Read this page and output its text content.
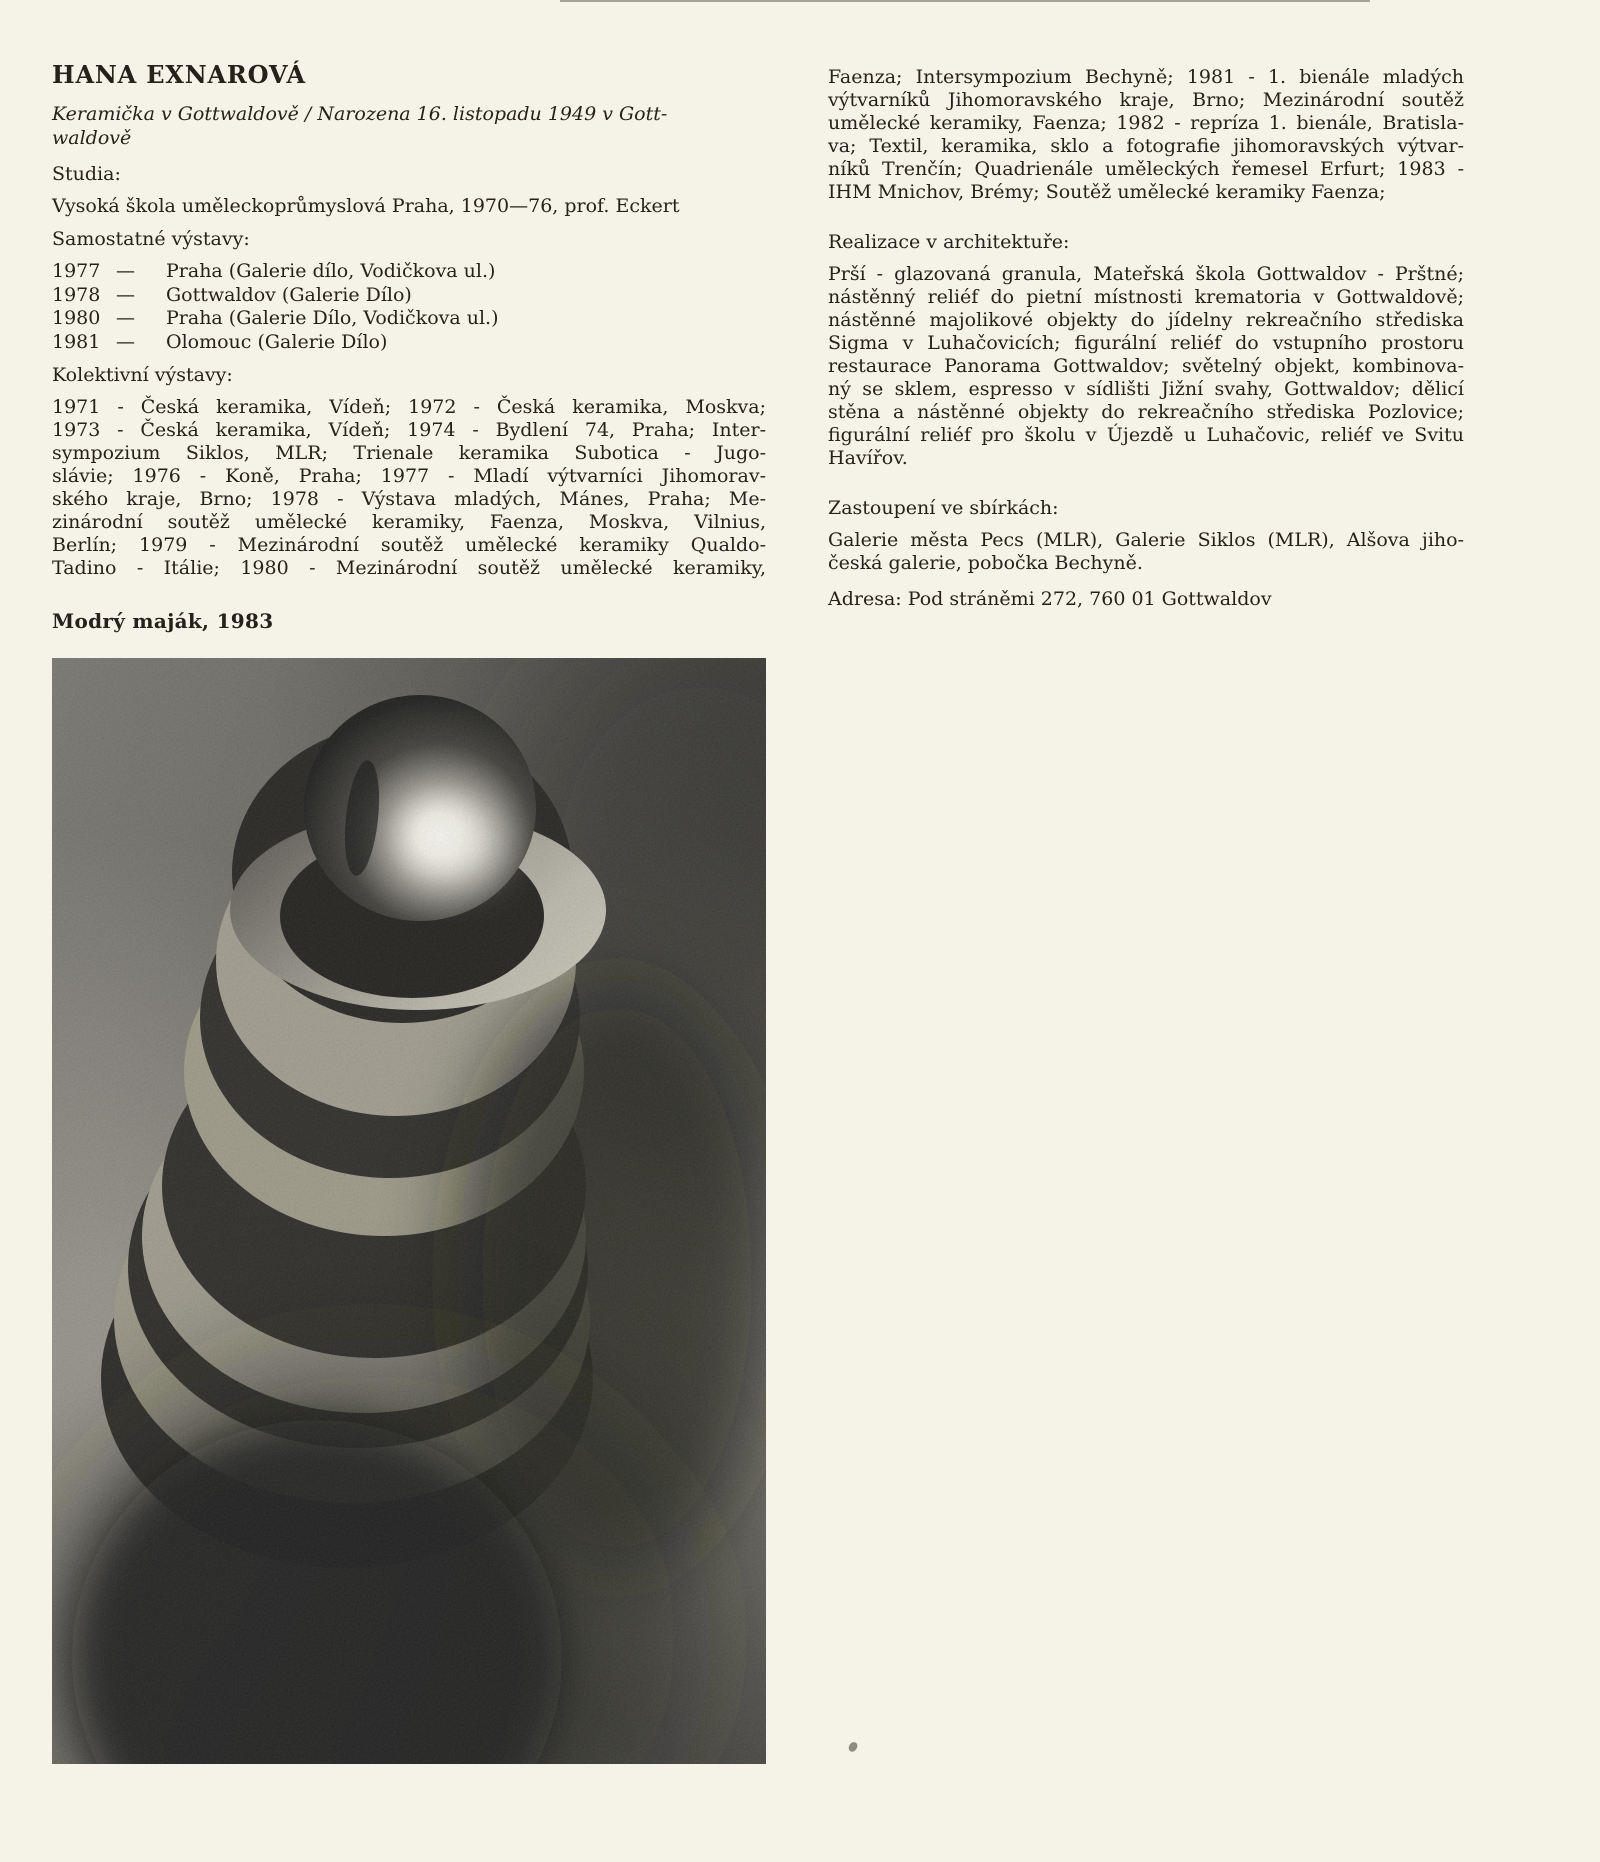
HANA EXNAROVÁ
Keramička v Gottwaldově / Narozena 16. listopadu 1949 v Gott-
waldově
Studia:
Vysoká škola uměleckoprůmyslová Praha, 1970—76, prof. Eckert
Samostatné výstavy:
1977 —	Praha (Galerie dílo, Vodičkova ul.)
1978 —	Gottwaldov (Galerie Dílo)
1980 —	Praha (Galerie Dílo, Vodičkova ul.)
1981 —	Olomouc (Galerie Dílo)
Kolektivní výstavy:
1971 - Česká keramika, Vídeň; 1972 - Česká keramika, Moskva;
1973 - Česká keramika, Vídeň; 1974 - Bydlení 74, Praha; Inter-
sympozium Siklos, MLR; Trienale keramika Subotica - Jugo-
slávie; 1976 - Koně, Praha; 1977 - Mladí výtvarníci Jihomorav-
ského kraje, Brno; 1978 - Výstava mladých, Mánes, Praha; Me-
zinárodní soutěž umělecké keramiky, Faenza, Moskva, Vilnius,
Berlín; 1979 - Mezinárodní soutěž umělecké keramiky Qualdo-
Tadino - Itálie; 1980 - Mezinárodní soutěž umělecké keramiky,
Modrý maják, 1983
Faenza; Intersympozium Bechyně; 1981 - 1. bienále mladých
výtvarníků Jihomoravského kraje, Brno; Mezinárodní soutěž
umělecké keramiky, Faenza; 1982 - repríza 1. bienále, Bratisla-
va; Textil, keramika, sklo a fotografie jihomoravských výtvar-
níků Trenčín; Quadrienále uměleckých řemesel Erfurt; 1983 -
IHM Mnichov, Brémy; Soutěž umělecké keramiky Faenza;
Realizace v architektuře:
Prší - glazovaná granula, Mateřská škola Gottwaldov - Prštné;
nástěnný reliéf do pietní místnosti krematoria v Gottwaldově;
nástěnné majolikové objekty do jídelny rekreačního střediska
Sigma v Luhačovicích; figurální reliéf do vstupního prostoru
restaurace Panorama Gottwaldov; světelný objekt, kombinova-
ný se sklem, espresso v sídlišti Jižní svahy, Gottwaldov; dělicí
stěna a nástěnné objekty do rekreačního střediska Pozlovice;
figurální reliéf pro školu v Újezdě u Luhačovic, reliéf ve Svitu
Havířov.
Zastoupení ve sbírkách:
Galerie města Pecs (MLR), Galerie Siklos (MLR), Alšova jiho-
česká galerie, pobočka Bechyně.
Adresa: Pod stráněmi 272, 760 01 Gottwaldov
